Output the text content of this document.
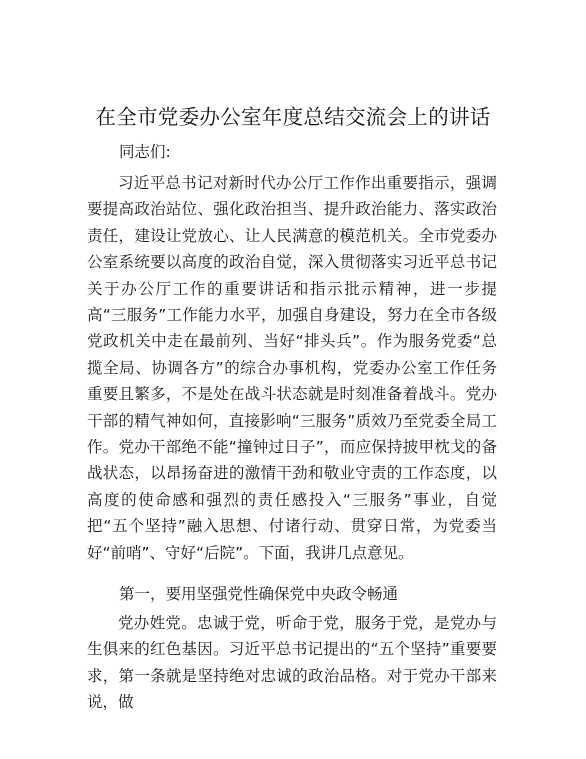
在全市党委办公室年度总结交流会上的讲话
同志们:

习近平总书记对新时代办公厅工作作出重要指示，强调要提高政治站位、强化政治担当、提升政治能力、落实政治责任，建设让党放心、让人民满意的模范机关。全市党委办公室系统要以高度的政治自觉，深入贯彻落实习近平总书记关于办公厅工作的重要讲话和指示批示精神，进一步提高“三服务”工作能力水平，加强自身建设，努力在全市各级党政机关中走在最前列、当好“排头兵”。作为服务党委“总揽全局、协调各方”的综合办事机构，党委办公室工作任务重要且繁多，不是处在战斗状态就是时刻准备着战斗。党办干部的精气神如何，直接影响“三服务”质效乃至党委全局工作。党办干部绝不能“撞钟过日子”，而应保持披甲枕戈的备战状态，以昂扬奋进的激情干劲和敬业守责的工作态度，以高度的使命感和强烈的责任感投入“三服务”事业，自觉把“五个坚持”融入思想、付诸行动、贯穿日常，为党委当好“前哨”、守好“后院”。下面，我讲几点意见。

第一，要用坚强党性确保党中央政令畅通

党办姓党。忠诚于党，听命于党，服务于党，是党办与生俱来的红色基因。习近平总书记提出的“五个坚持”重要要求，第一条就是坚持绝对忠诚的政治品格。对于党办干部来说，做
